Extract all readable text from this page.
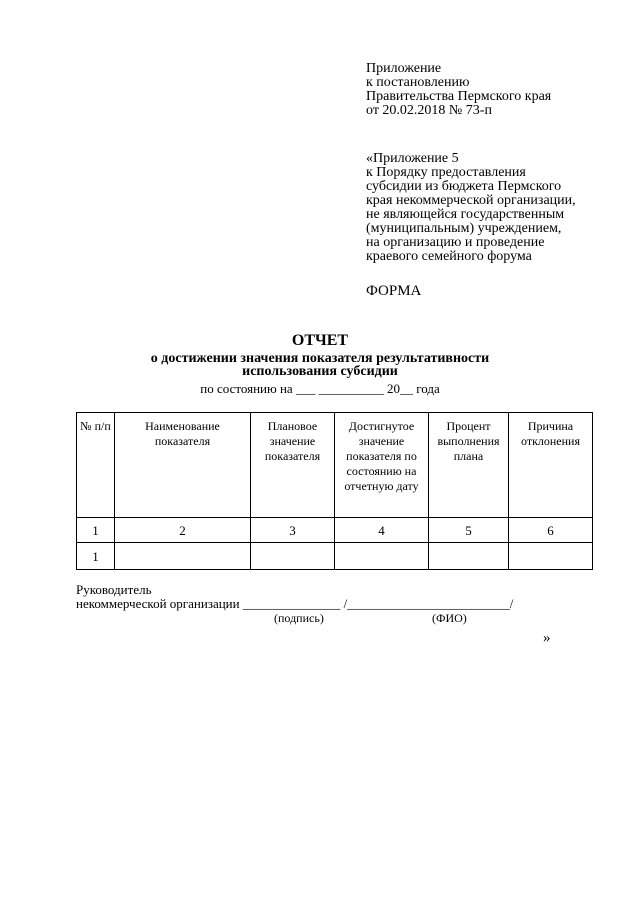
Приложение
к постановлению
Правительства Пермского края
от 20.02.2018 № 73-п
«Приложение 5
к Порядку предоставления
субсидии из бюджета Пермского
края некоммерческой организации,
не являющейся государственным
(муниципальным) учреждением,
на организацию и проведение
краевого семейного форума
ФОРМА
ОТЧЕТ
о достижении значения показателя результативности
использования субсидии
по состоянию на ___ __________ 20__ года
№ п/п	Наименование показателя	Плановое значение показателя	Достигнутое значение показателя по состоянию на отчетную дату	Процент выполнения плана	Причина отклонения
1	2	3	4	5	6
1					
Руководитель
некоммерческой организации _______________ /_________________________/
(подпись)	(ФИО)
»
